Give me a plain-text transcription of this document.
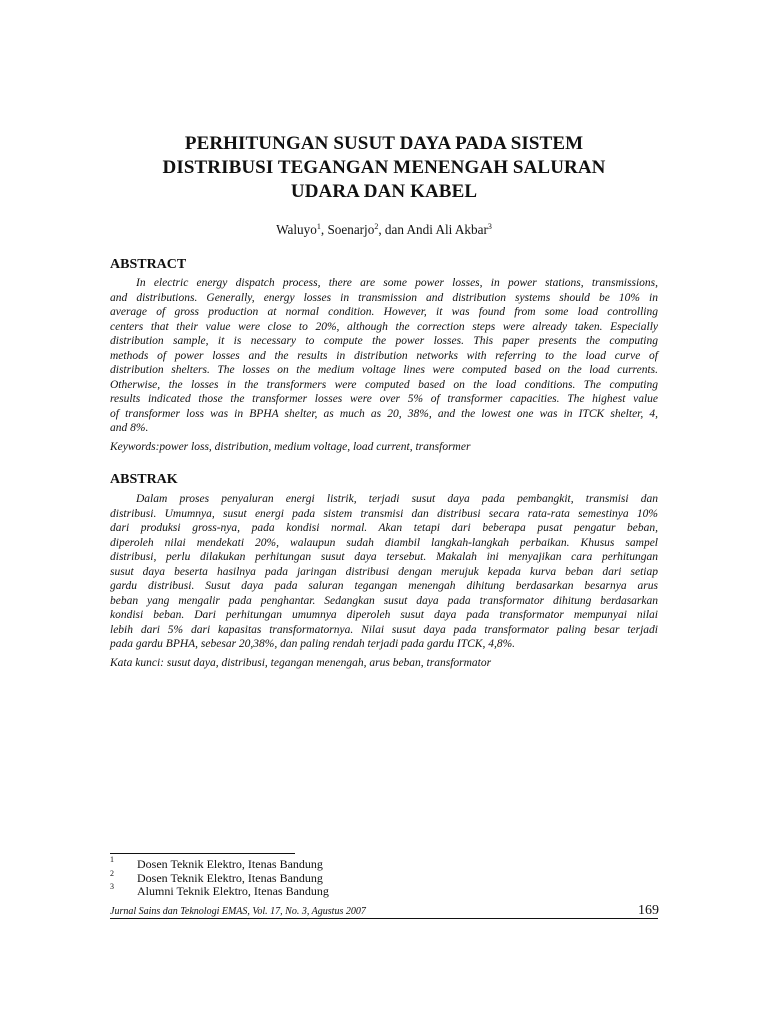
PERHITUNGAN SUSUT DAYA PADA SISTEM
DISTRIBUSI TEGANGAN MENENGAH SALURAN
UDARA DAN KABEL
Waluyo$^1$, Soenarjo$^2$, dan Andi Ali Akbar$^3$
ABSTRACT
In electric energy dispatch process, there are some power losses, in power stations, transmissions,
and distributions. Generally, energy losses in transmission and distribution systems should be 10% in
average of gross production at normal condition. However, it was found from some load controlling
centers that their value were close to 20%, although the correction steps were already taken. Especially
distribution sample, it is necessary to compute the power losses. This paper presents the computing
methods of power losses and the results in distribution networks with referring to the load curve of
distribution shelters. The losses on the medium voltage lines were computed based on the load currents.
Otherwise, the losses in the transformers were computed based on the load conditions. The computing
results indicated those the transformer losses were over 5% of transformer capacities. The highest value
of transformer loss was in BPHA shelter, as much as 20, 38%, and the lowest one was in ITCK shelter, 4,
and 8%.
Keywords:power loss, distribution, medium voltage, load current, transformer
ABSTRAK
Dalam proses penyaluran energi listrik, terjadi susut daya pada pembangkit, transmisi dan
distribusi. Umumnya, susut energi pada sistem transmisi dan distribusi secara rata-rata semestinya 10%
dari produksi gross-nya, pada kondisi normal. Akan tetapi dari beberapa pusat pengatur beban,
diperoleh nilai mendekati 20%, walaupun sudah diambil langkah-langkah perbaikan. Khusus sampel
distribusi, perlu dilakukan perhitungan susut daya tersebut. Makalah ini menyajikan cara perhitungan
susut daya beserta hasilnya pada jaringan distribusi dengan merujuk kepada kurva beban dari setiap
gardu distribusi. Susut daya pada saluran tegangan menengah dihitung berdasarkan besarnya arus
beban yang mengalir pada penghantar. Sedangkan susut daya pada transformator dihitung berdasarkan
kondisi beban. Dari perhitungan umumnya diperoleh susut daya pada transformator mempunyai nilai
lebih dari 5% dari kapasitas transformatornya. Nilai susut daya pada transformator paling besar terjadi
pada gardu BPHA, sebesar 20,38%, dan paling rendah terjadi pada gardu ITCK, 4,8%.
Kata kunci: susut daya, distribusi, tegangan menengah, arus beban, transformator
1 Dosen Teknik Elektro, Itenas Bandung
2 Dosen Teknik Elektro, Itenas Bandung
3 Alumni Teknik Elektro, Itenas Bandung
Jurnal Sains dan Teknologi EMAS, Vol. 17, No. 3, Agustus 2007	169
